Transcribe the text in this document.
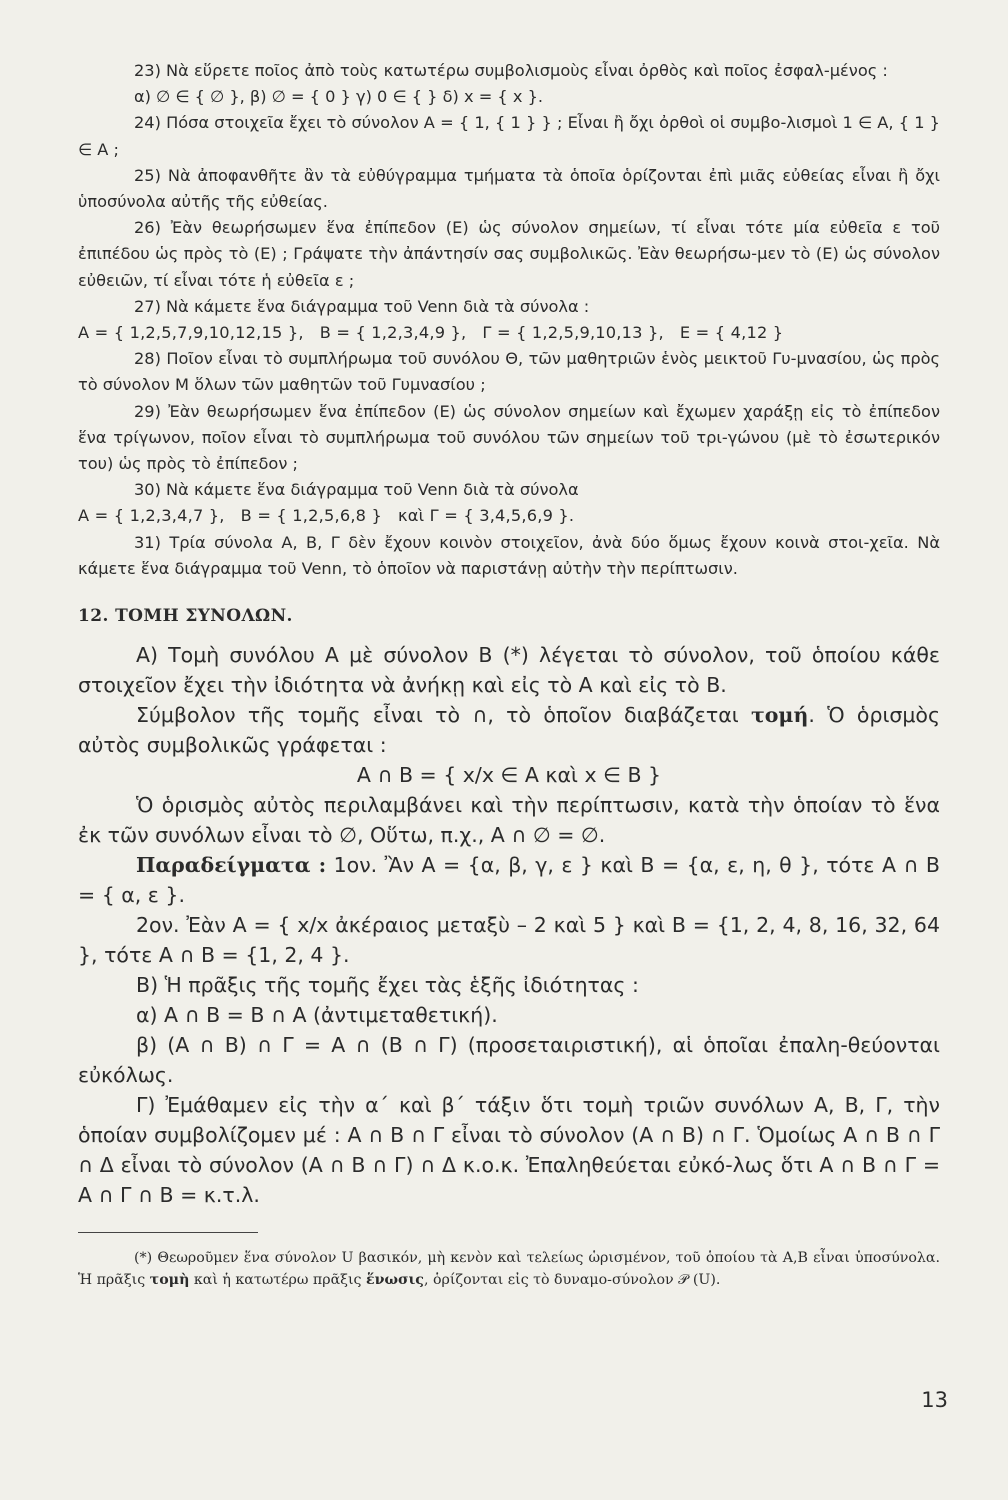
23) Νὰ εὕρετε ποῖος ἀπὸ τοὺς κατωτέρω συμβολισμοὺς εἶναι ὀρθὸς καὶ ποῖος ἐσφαλ-μένος :

α) ∅ ∈ { ∅ }, β) ∅ = { 0 } γ) 0 ∈ { } δ) x = { x }.

24) Πόσα στοιχεῖα ἔχει τὸ σύνολον Α = { 1, { 1 } } ; Εἶναι ἢ ὄχι ὀρθοὶ οἱ συμβο-λισμοὶ 1 ∈ Α, { 1 } ∈ Α ;

25) Νὰ ἀποφανθῆτε ἂν τὰ εὐθύγραμμα τμήματα τὰ ὁποῖα ὁρίζονται ἐπὶ μιᾶς εὐθείας εἶναι ἢ ὄχι ὑποσύνολα αὐτῆς τῆς εὐθείας.

26) Ἐὰν θεωρήσωμεν ἕνα ἐπίπεδον (Ε) ὡς σύνολον σημείων, τί εἶναι τότε μία εὐθεῖα ε τοῦ ἐπιπέδου ὡς πρὸς τὸ (Ε) ; Γράψατε τὴν ἀπάντησίν σας συμβολικῶς. Ἐὰν θεωρήσω-μεν τὸ (Ε) ὡς σύνολον εὐθειῶν, τί εἶναι τότε ἡ εὐθεῖα ε ;

27) Νὰ κάμετε ἕνα διάγραμμα τοῦ Venn διὰ τὰ σύνολα :

Α = { 1,2,5,7,9,10,12,15 },   Β = { 1,2,3,4,9 },   Γ = { 1,2,5,9,10,13 },   Ε = { 4,12 }

28) Ποῖον εἶναι τὸ συμπλήρωμα τοῦ συνόλου Θ, τῶν μαθητριῶν ἑνὸς μεικτοῦ Γυ-μνασίου, ὡς πρὸς τὸ σύνολον Μ ὅλων τῶν μαθητῶν τοῦ Γυμνασίου ;

29) Ἐὰν θεωρήσωμεν ἕνα ἐπίπεδον (Ε) ὡς σύνολον σημείων καὶ ἔχωμεν χαράξῃ εἰς τὸ ἐπίπεδον ἕνα τρίγωνον, ποῖον εἶναι τὸ συμπλήρωμα τοῦ συνόλου τῶν σημείων τοῦ τρι-γώνου (μὲ τὸ ἐσωτερικόν του) ὡς πρὸς τὸ ἐπίπεδον ;

30) Νὰ κάμετε ἕνα διάγραμμα τοῦ Venn διὰ τὰ σύνολα

Α = { 1,2,3,4,7 },   Β = { 1,2,5,6,8 }   καὶ Γ = { 3,4,5,6,9 }.

31) Τρία σύνολα Α, Β, Γ δὲν ἔχουν κοινὸν στοιχεῖον, ἀνὰ δύο ὅμως ἔχουν κοινὰ στοι-χεῖα. Νὰ κάμετε ἕνα διάγραμμα τοῦ Venn, τὸ ὁποῖον νὰ παριστάνῃ αὐτὴν τὴν περίπτωσιν.

12. ΤΟΜΗ ΣΥΝΟΛΩΝ.

Α) Τομὴ συνόλου Α μὲ σύνολον Β (*) λέγεται τὸ σύνολον, τοῦ ὁποίου κάθε στοιχεῖον ἔχει τὴν ἰδιότητα νὰ ἀνήκῃ καὶ εἰς τὸ Α καὶ εἰς τὸ Β.

Σύμβολον τῆς τομῆς εἶναι τὸ ∩, τὸ ὁποῖον διαβάζεται τομή. Ὁ ὁρισμὸς αὐτὸς συμβολικῶς γράφεται :

Α ∩ Β = { x/x ∈ Α καὶ x ∈ Β }

Ὁ ὁρισμὸς αὐτὸς περιλαμβάνει καὶ τὴν περίπτωσιν, κατὰ τὴν ὁποίαν τὸ ἕνα ἐκ τῶν συνόλων εἶναι τὸ ∅, Οὕτω, π.χ., Α ∩ ∅ = ∅.

Παραδείγματα : 1ον. Ἂν Α = {α, β, γ, ε } καὶ Β = {α, ε, η, θ }, τότε Α ∩ Β = { α, ε }.

2ον. Ἐὰν Α = { x/x ἀκέραιος μεταξὺ – 2 καὶ 5 } καὶ Β = {1, 2, 4, 8, 16, 32, 64 }, τότε Α ∩ Β = {1, 2, 4 }.

Β) Ἡ πρᾶξις τῆς τομῆς ἔχει τὰς ἑξῆς ἰδιότητας :

α) Α ∩ Β = Β ∩ Α (ἀντιμεταθετική).

β) (Α ∩ Β) ∩ Γ = Α ∩ (Β ∩ Γ) (προσεταιριστική), αἱ ὁποῖαι ἐπαλη-θεύονται εὐκόλως.

Γ) Ἐμάθαμεν εἰς τὴν α΄ καὶ β΄ τάξιν ὅτι τομὴ τριῶν συνόλων Α, Β, Γ, τὴν ὁποίαν συμβολίζομεν μέ : Α ∩ Β ∩ Γ εἶναι τὸ σύνολον (Α ∩ Β) ∩ Γ. Ὁμοίως Α ∩ Β ∩ Γ ∩ Δ εἶναι τὸ σύνολον (Α ∩ Β ∩ Γ) ∩ Δ κ.ο.κ. Ἐπαληθεύεται εὐκό-λως ὅτι Α ∩ Β ∩ Γ = Α ∩ Γ ∩ Β = κ.τ.λ.

(*) Θεωροῦμεν ἕνα σύνολον U βασικόν, μὴ κενὸν καὶ τελείως ὡρισμένον, τοῦ ὁποίου τὰ Α,Β εἶναι ὑποσύνολα. Ἡ πρᾶξις τομὴ καὶ ἡ κατωτέρω πρᾶξις ἕνωσις, ὁρίζονται εἰς τὸ δυναμο-σύνολον 𝒫 (U).

13
